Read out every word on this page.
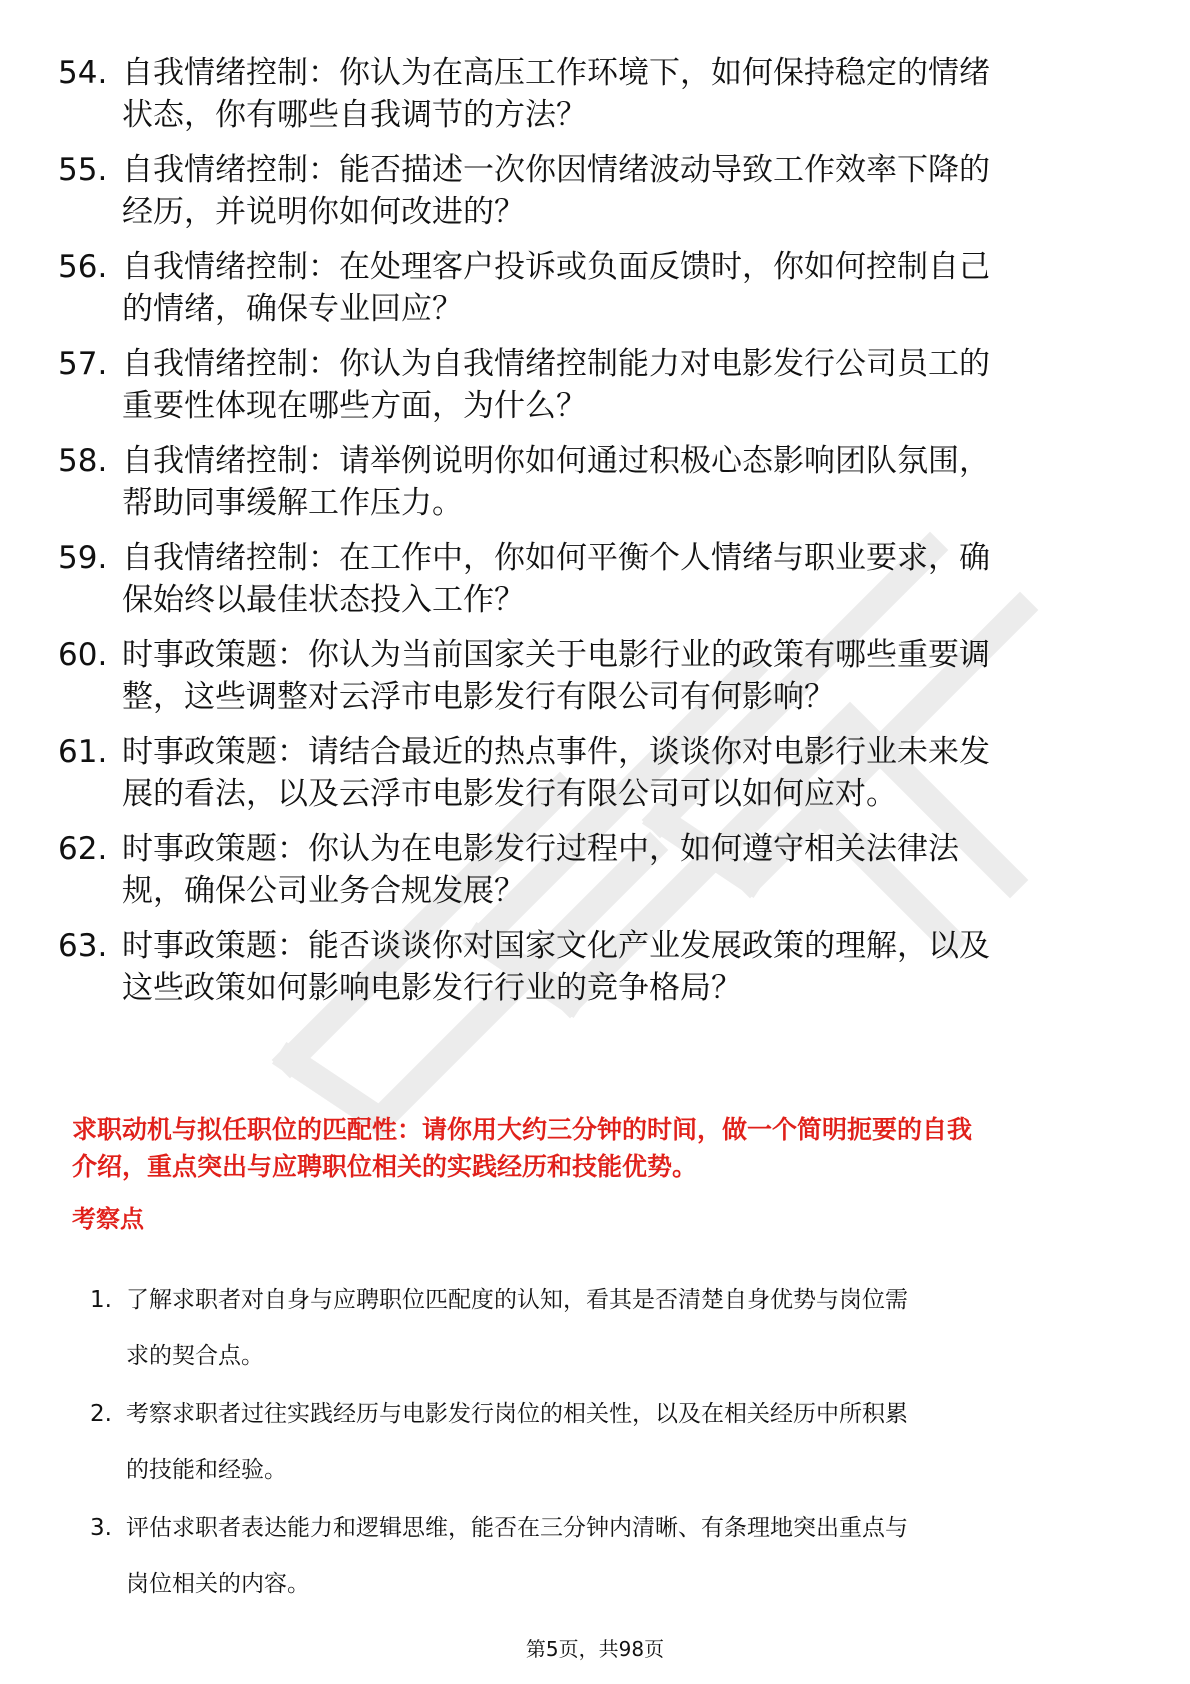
54. 自我情绪控制：你认为在高压工作环境下，如何保持稳定的情绪
状态，你有哪些自我调节的方法？
55. 自我情绪控制：能否描述一次你因情绪波动导致工作效率下降的
经历，并说明你如何改进的？
56. 自我情绪控制：在处理客户投诉或负面反馈时，你如何控制自己
的情绪，确保专业回应？
57. 自我情绪控制：你认为自我情绪控制能力对电影发行公司员工的
重要性体现在哪些方面，为什么？
58. 自我情绪控制：请举例说明你如何通过积极心态影响团队氛围，
帮助同事缓解工作压力。
59. 自我情绪控制：在工作中，你如何平衡个人情绪与职业要求，确
保始终以最佳状态投入工作？
60. 时事政策题：你认为当前国家关于电影行业的政策有哪些重要调
整，这些调整对云浮市电影发行有限公司有何影响？
61. 时事政策题：请结合最近的热点事件，谈谈你对电影行业未来发
展的看法，以及云浮市电影发行有限公司可以如何应对。
62. 时事政策题：你认为在电影发行过程中，如何遵守相关法律法
规，确保公司业务合规发展？
63. 时事政策题：能否谈谈你对国家文化产业发展政策的理解，以及
这些政策如何影响电影发行行业的竞争格局？
求职动机与拟任职位的匹配性：请你用大约三分钟的时间，做一个简明扼要的自我
介绍，重点突出与应聘职位相关的实践经历和技能优势。
考察点
1. 了解求职者对自身与应聘职位匹配度的认知，看其是否清楚自身优势与岗位需
求的契合点。
2. 考察求职者过往实践经历与电影发行岗位的相关性，以及在相关经历中所积累
的技能和经验。
3. 评估求职者表达能力和逻辑思维，能否在三分钟内清晰、有条理地突出重点与
岗位相关的内容。
第5页，共98页
